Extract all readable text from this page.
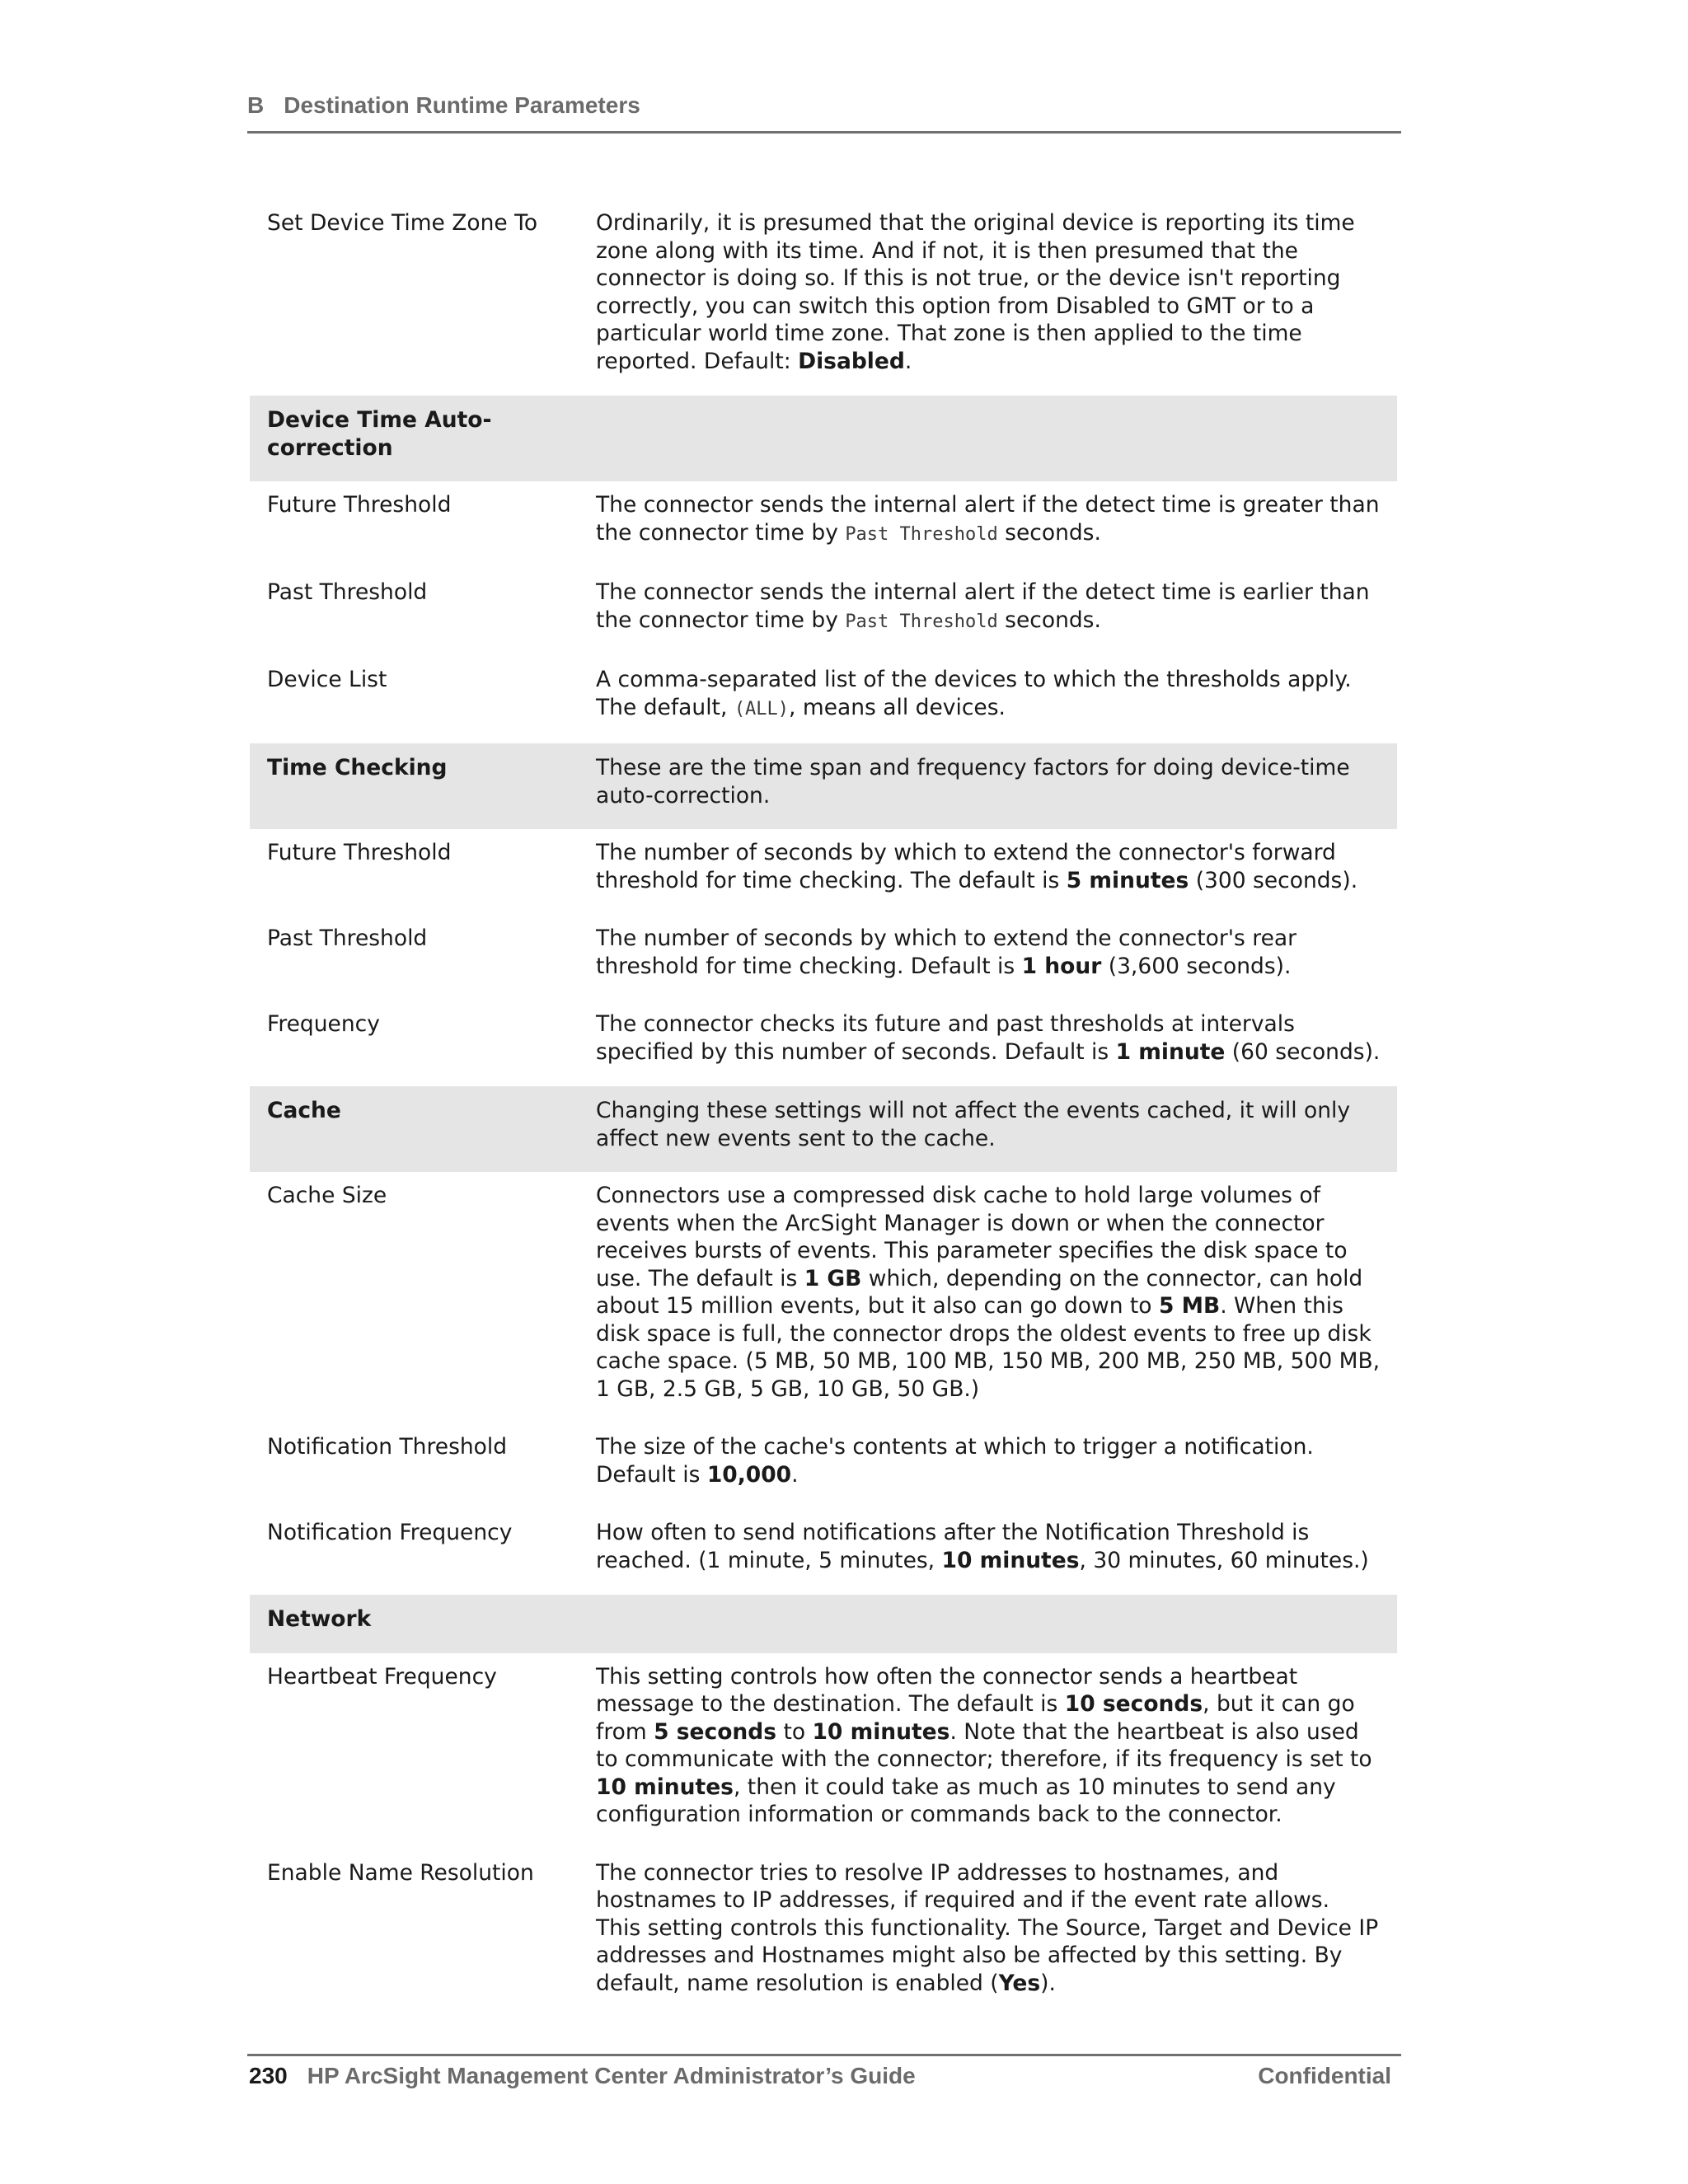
B Destination Runtime Parameters
Set Device Time Zone To	Ordinarily, it is presumed that the original device is reporting its time zone along with its time. And if not, it is then presumed that the connector is doing so. If this is not true, or the device isn't reporting correctly, you can switch this option from Disabled to GMT or to a particular world time zone. That zone is then applied to the time reported. Default: Disabled.
Device Time Auto-correction
Future Threshold	The connector sends the internal alert if the detect time is greater than the connector time by Past Threshold seconds.
Past Threshold	The connector sends the internal alert if the detect time is earlier than the connector time by Past Threshold seconds.
Device List	A comma-separated list of the devices to which the thresholds apply. The default, (ALL), means all devices.
Time Checking	These are the time span and frequency factors for doing device-time auto-correction.
Future Threshold	The number of seconds by which to extend the connector's forward threshold for time checking. The default is 5 minutes (300 seconds).
Past Threshold	The number of seconds by which to extend the connector's rear threshold for time checking. Default is 1 hour (3,600 seconds).
Frequency	The connector checks its future and past thresholds at intervals specified by this number of seconds. Default is 1 minute (60 seconds).
Cache	Changing these settings will not affect the events cached, it will only affect new events sent to the cache.
Cache Size	Connectors use a compressed disk cache to hold large volumes of events when the ArcSight Manager is down or when the connector receives bursts of events. This parameter specifies the disk space to use. The default is 1 GB which, depending on the connector, can hold about 15 million events, but it also can go down to 5 MB. When this disk space is full, the connector drops the oldest events to free up disk cache space. (5 MB, 50 MB, 100 MB, 150 MB, 200 MB, 250 MB, 500 MB, 1 GB, 2.5 GB, 5 GB, 10 GB, 50 GB.)
Notification Threshold	The size of the cache's contents at which to trigger a notification. Default is 10,000.
Notification Frequency	How often to send notifications after the Notification Threshold is reached. (1 minute, 5 minutes, 10 minutes, 30 minutes, 60 minutes.)
Network
Heartbeat Frequency	This setting controls how often the connector sends a heartbeat message to the destination. The default is 10 seconds, but it can go from 5 seconds to 10 minutes. Note that the heartbeat is also used to communicate with the connector; therefore, if its frequency is set to 10 minutes, then it could take as much as 10 minutes to send any configuration information or commands back to the connector.
Enable Name Resolution	The connector tries to resolve IP addresses to hostnames, and hostnames to IP addresses, if required and if the event rate allows. This setting controls this functionality. The Source, Target and Device IP addresses and Hostnames might also be affected by this setting. By default, name resolution is enabled (Yes).
230 HP ArcSight Management Center Administrator’s Guide	Confidential
